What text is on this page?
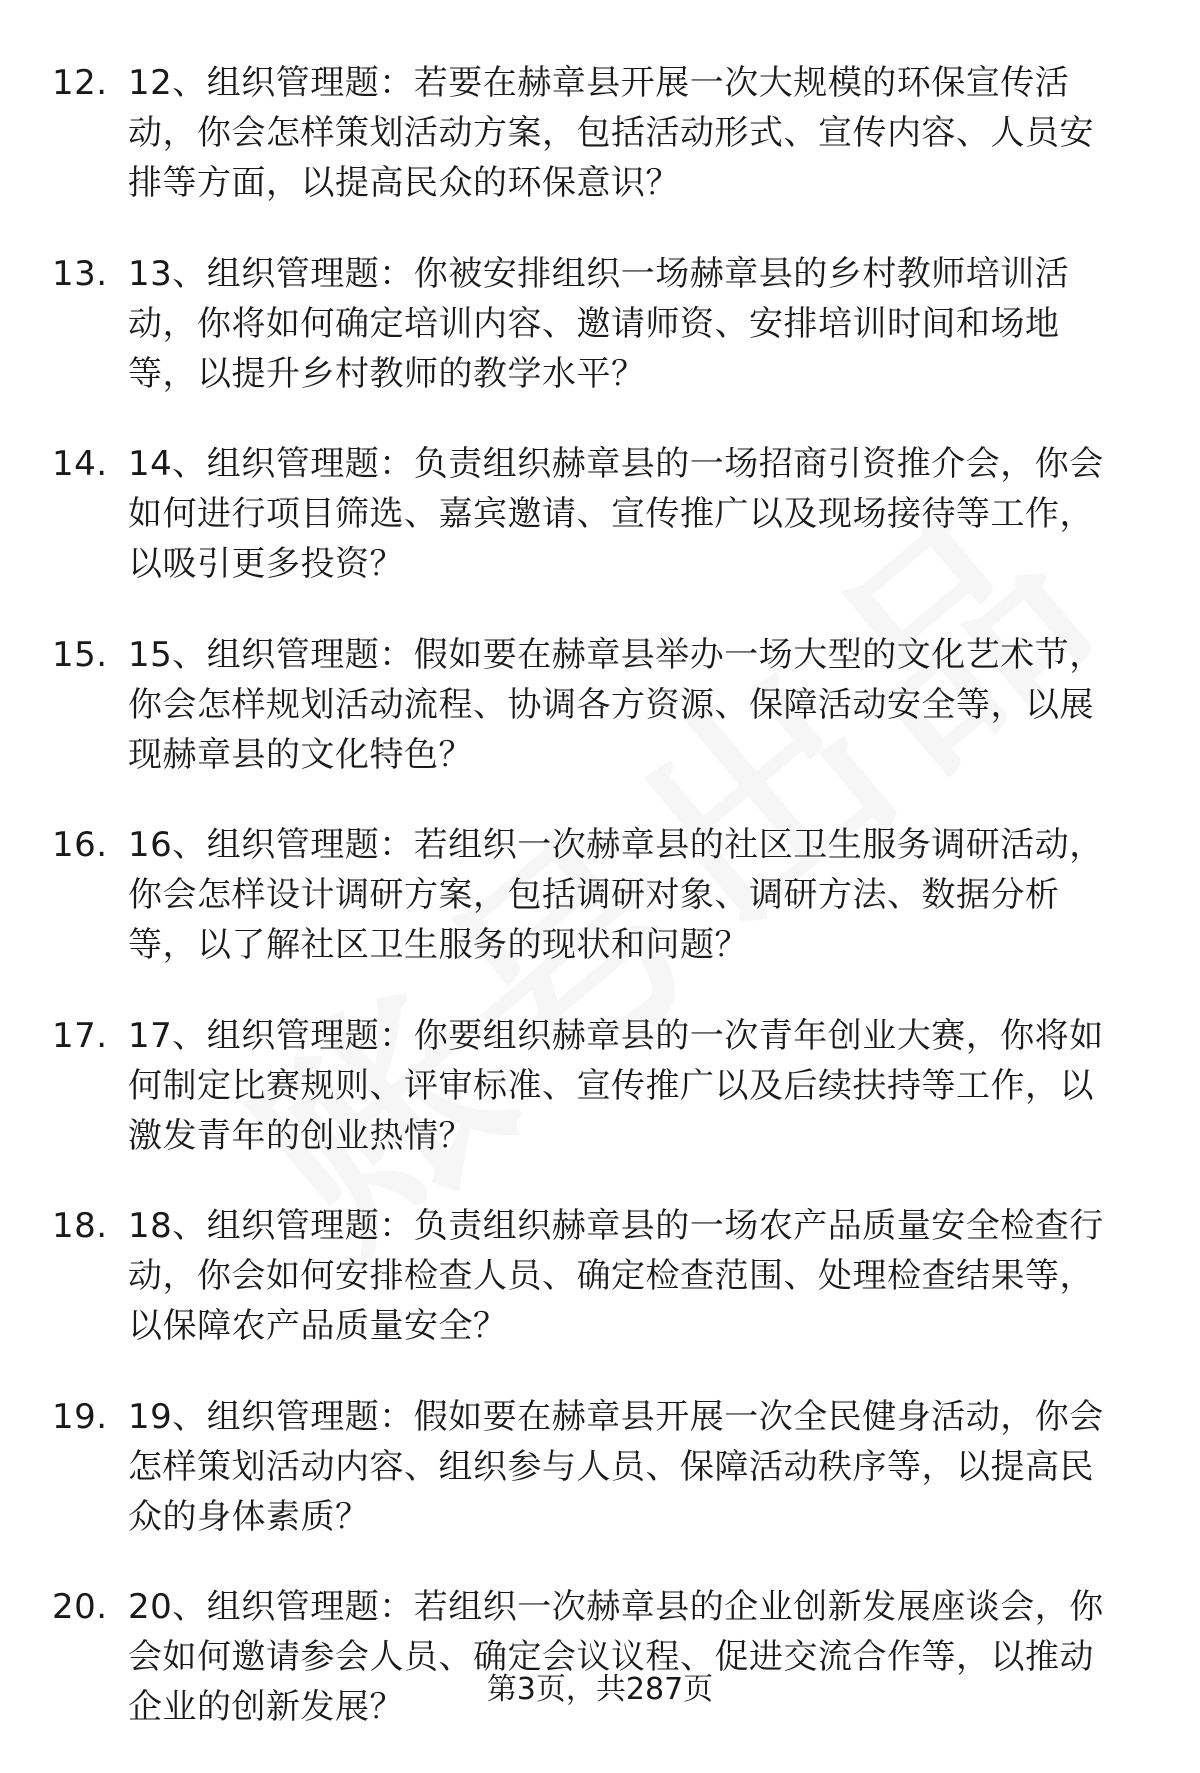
12. 12、组织管理题：若要在赫章县开展一次大规模的环保宣传活动，你会怎样策划活动方案，包括活动形式、宣传内容、人员安排等方面，以提高民众的环保意识？
13. 13、组织管理题：你被安排组织一场赫章县的乡村教师培训活动，你将如何确定培训内容、邀请师资、安排培训时间和场地等，以提升乡村教师的教学水平？
14. 14、组织管理题：负责组织赫章县的一场招商引资推介会，你会如何进行项目筛选、嘉宾邀请、宣传推广以及现场接待等工作，以吸引更多投资？
15. 15、组织管理题：假如要在赫章县举办一场大型的文化艺术节，你会怎样规划活动流程、协调各方资源、保障活动安全等，以展现赫章县的文化特色？
16. 16、组织管理题：若组织一次赫章县的社区卫生服务调研活动，你会怎样设计调研方案，包括调研对象、调研方法、数据分析等，以了解社区卫生服务的现状和问题？
17. 17、组织管理题：你要组织赫章县的一次青年创业大赛，你将如何制定比赛规则、评审标准、宣传推广以及后续扶持等工作，以激发青年的创业热情？
18. 18、组织管理题：负责组织赫章县的一场农产品质量安全检查行动，你会如何安排检查人员、确定检查范围、处理检查结果等，以保障农产品质量安全？
19. 19、组织管理题：假如要在赫章县开展一次全民健身活动，你会怎样策划活动内容、组织参与人员、保障活动秩序等，以提高民众的身体素质？
20. 20、组织管理题：若组织一次赫章县的企业创新发展座谈会，你会如何邀请参会人员、确定会议议程、促进交流合作等，以推动企业的创新发展？	第3页，共287页
